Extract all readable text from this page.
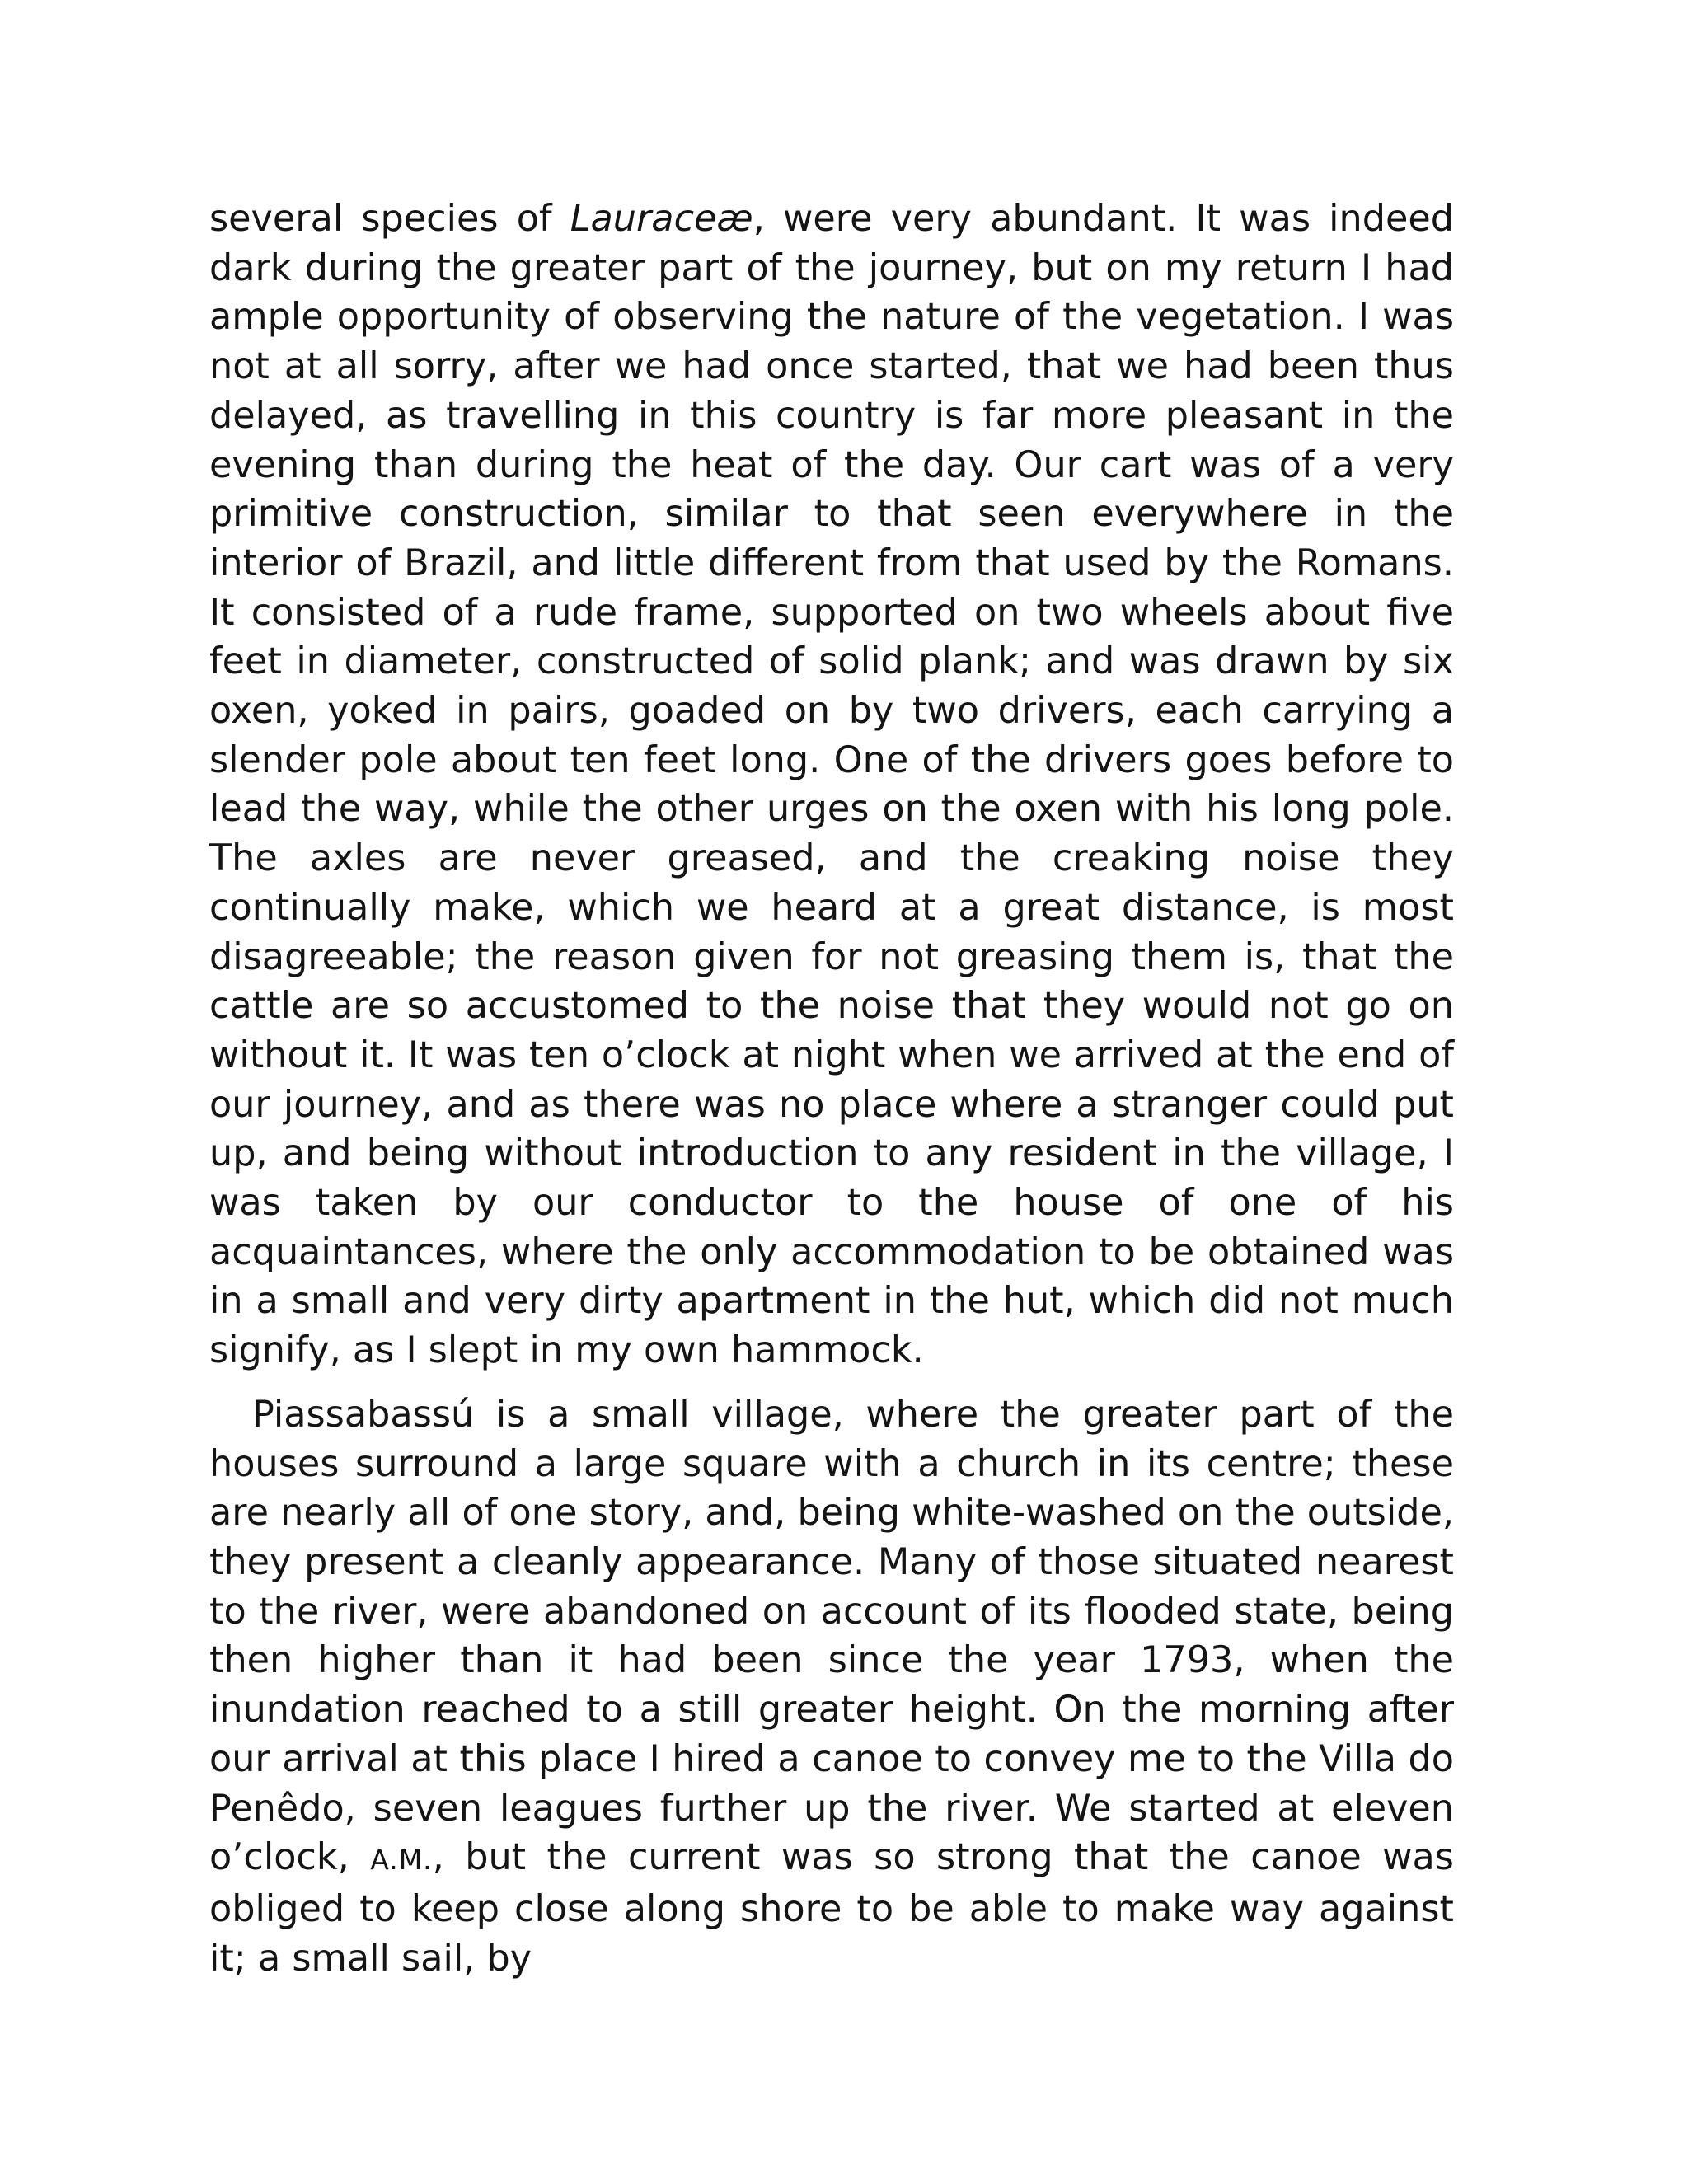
several species of Lauraceæ, were very abundant. It was indeed dark during the greater part of the journey, but on my return I had ample opportunity of observing the nature of the vegetation. I was not at all sorry, after we had once started, that we had been thus delayed, as travelling in this country is far more pleasant in the evening than during the heat of the day. Our cart was of a very primitive construction, similar to that seen everywhere in the interior of Brazil, and little different from that used by the Romans. It consisted of a rude frame, supported on two wheels about five feet in diameter, constructed of solid plank; and was drawn by six oxen, yoked in pairs, goaded on by two drivers, each carrying a slender pole about ten feet long. One of the drivers goes before to lead the way, while the other urges on the oxen with his long pole. The axles are never greased, and the creaking noise they continually make, which we heard at a great distance, is most disagreeable; the reason given for not greasing them is, that the cattle are so accustomed to the noise that they would not go on without it. It was ten o’clock at night when we arrived at the end of our journey, and as there was no place where a stranger could put up, and being without introduction to any resident in the village, I was taken by our conductor to the house of one of his acquaintances, where the only accommodation to be obtained was in a small and very dirty apartment in the hut, which did not much signify, as I slept in my own hammock.

Piassabassú is a small village, where the greater part of the houses surround a large square with a church in its centre; these are nearly all of one story, and, being white-washed on the outside, they present a cleanly appearance. Many of those situated nearest to the river, were abandoned on account of its flooded state, being then higher than it had been since the year 1793, when the inundation reached to a still greater height. On the morning after our arrival at this place I hired a canoe to convey me to the Villa do Penêdo, seven leagues further up the river. We started at eleven o’clock, A.M., but the current was so strong that the canoe was obliged to keep close along shore to be able to make way against it; a small sail, by
